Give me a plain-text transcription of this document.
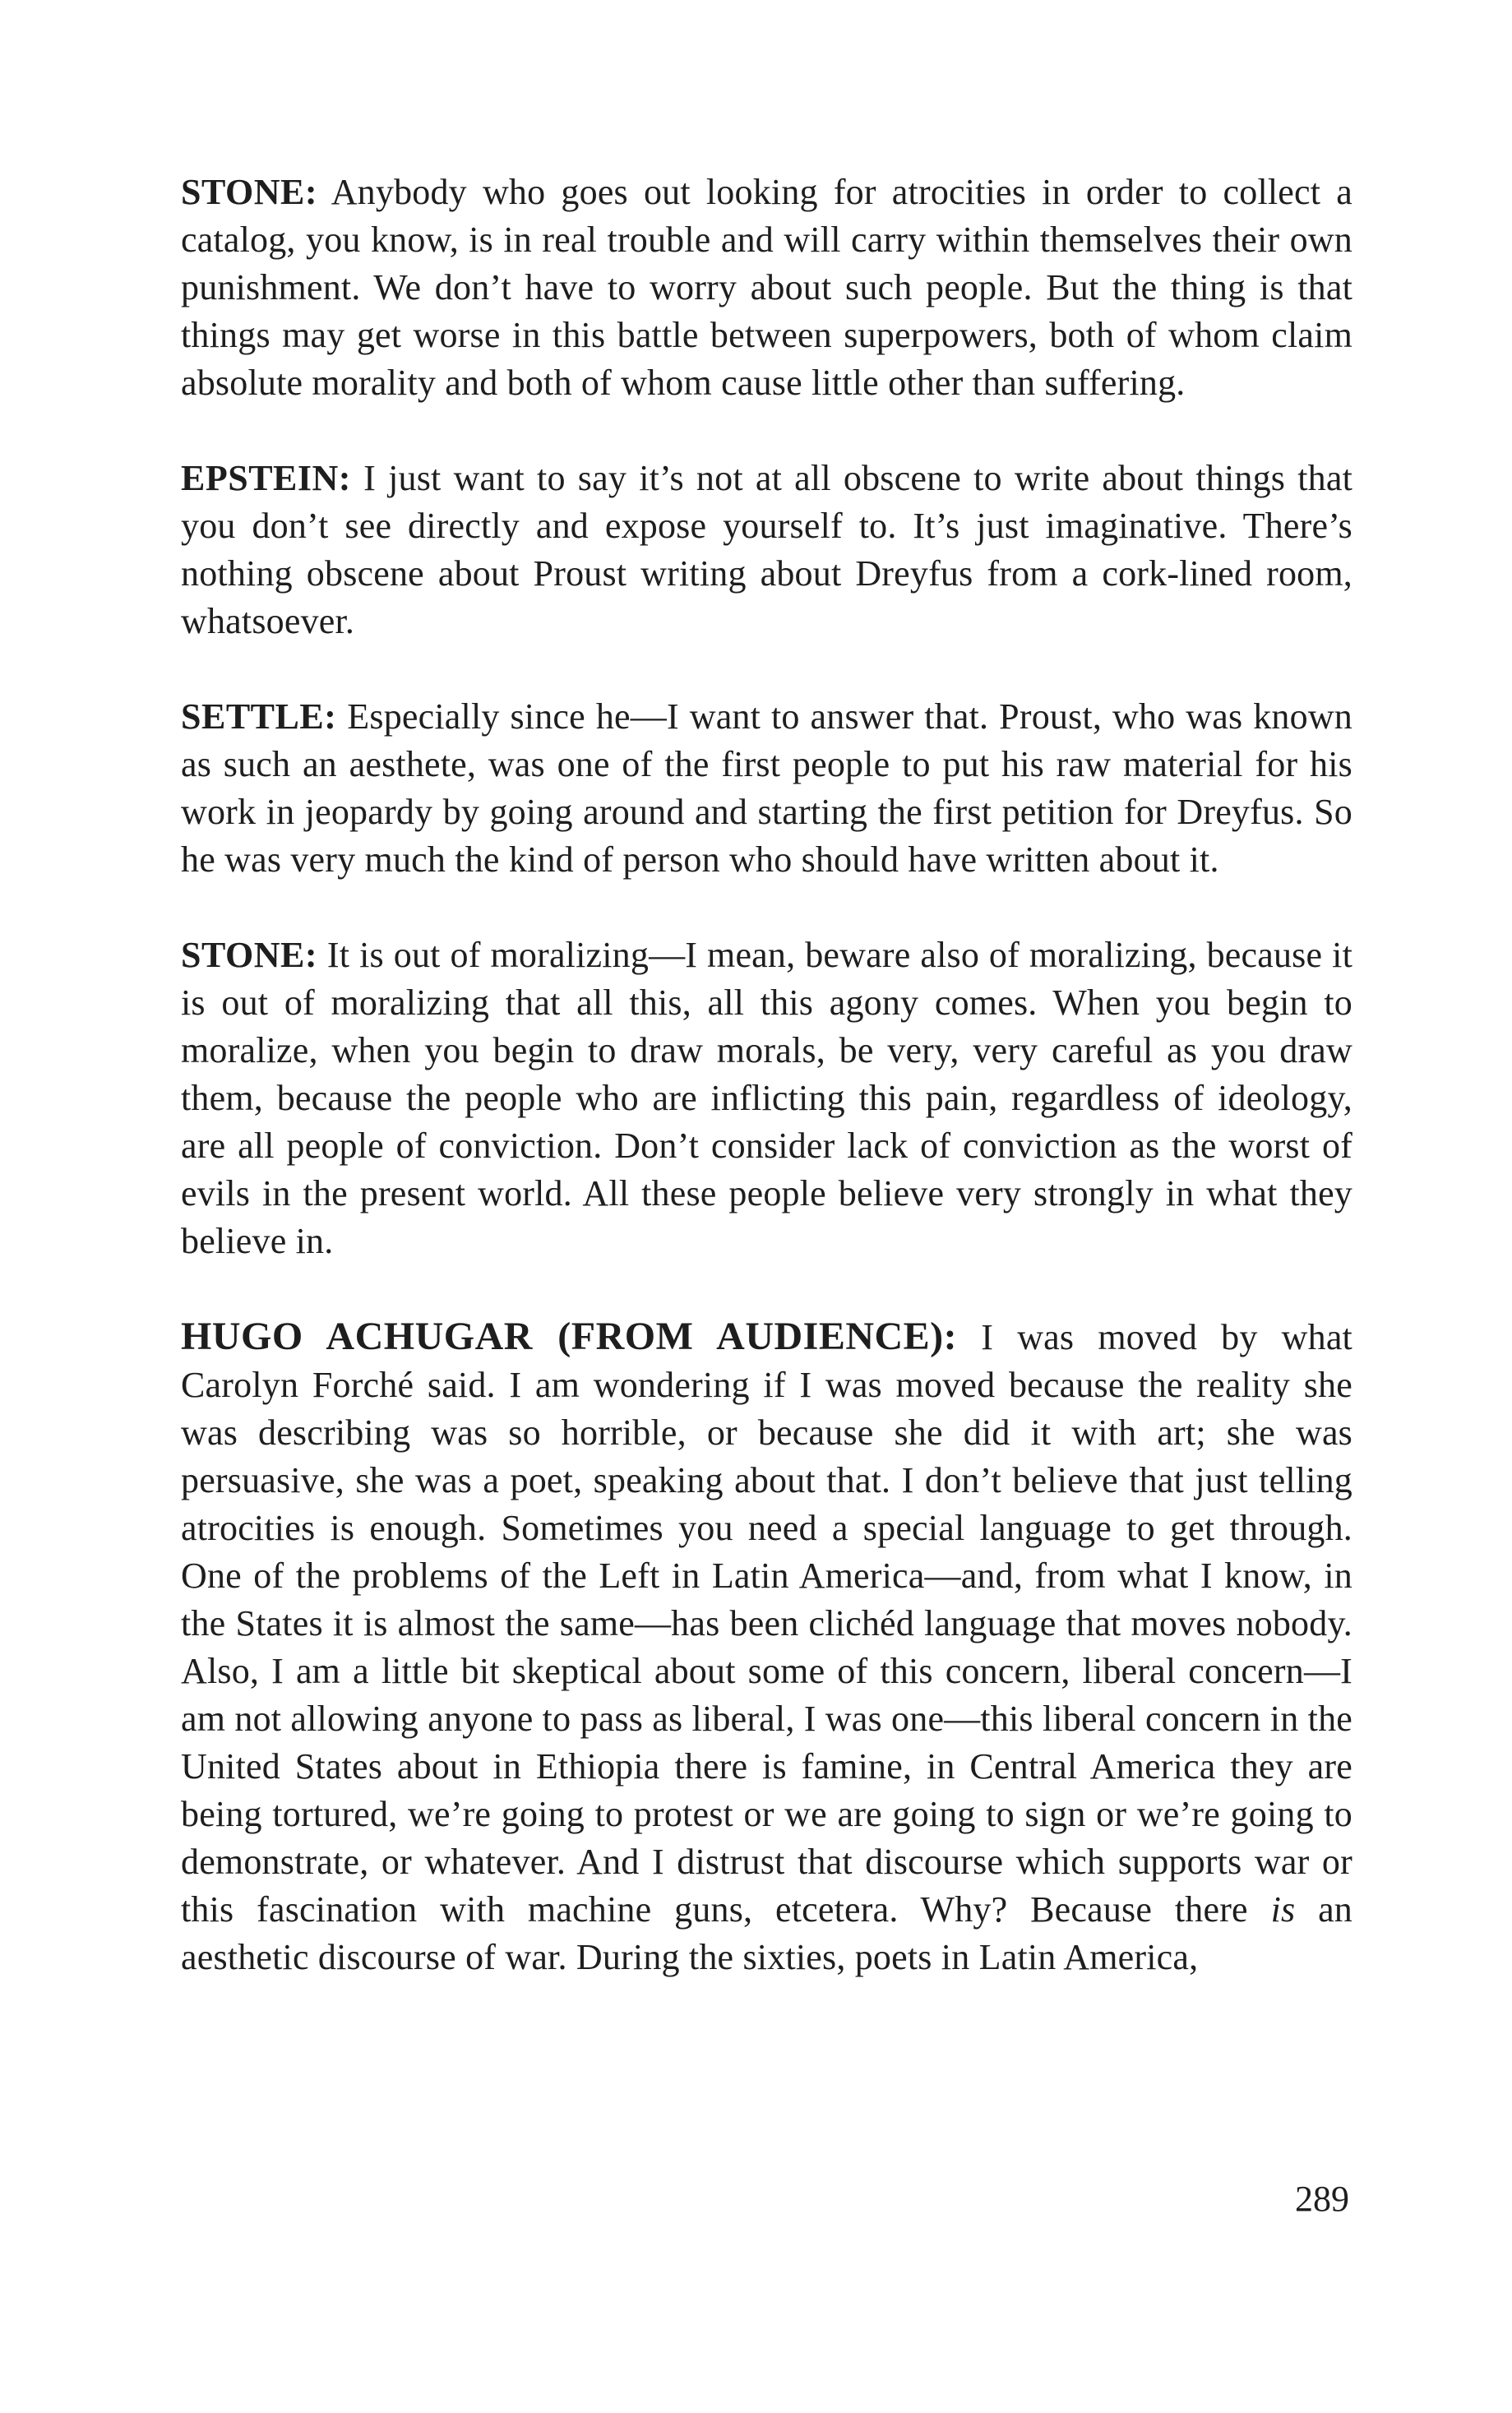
STONE: Anybody who goes out looking for atrocities in order to collect a catalog, you know, is in real trouble and will carry within themselves their own punishment. We don’t have to worry about such people. But the thing is that things may get worse in this battle between superpowers, both of whom claim absolute morality and both of whom cause little other than suffering.

EPSTEIN: I just want to say it’s not at all obscene to write about things that you don’t see directly and expose yourself to. It’s just imaginative. There’s nothing obscene about Proust writing about Dreyfus from a cork-lined room, whatsoever.

SETTLE: Especially since he—I want to answer that. Proust, who was known as such an aesthete, was one of the first people to put his raw material for his work in jeopardy by going around and starting the first petition for Dreyfus. So he was very much the kind of person who should have written about it.

STONE: It is out of moralizing—I mean, beware also of moralizing, because it is out of moralizing that all this, all this agony comes. When you begin to moralize, when you begin to draw morals, be very, very careful as you draw them, because the people who are inflicting this pain, regardless of ideology, are all people of conviction. Don’t consider lack of conviction as the worst of evils in the present world. All these people believe very strongly in what they believe in.

HUGO ACHUGAR (FROM AUDIENCE): I was moved by what Carolyn Forché said. I am wondering if I was moved because the reality she was describing was so horrible, or because she did it with art; she was persuasive, she was a poet, speaking about that. I don’t believe that just telling atrocities is enough. Sometimes you need a special language to get through. One of the problems of the Left in Latin America—and, from what I know, in the States it is almost the same—has been clichéd language that moves nobody. Also, I am a little bit skeptical about some of this concern, liberal concern—I am not allowing anyone to pass as liberal, I was one—this liberal concern in the United States about in Ethiopia there is famine, in Central America they are being tortured, we’re going to protest or we are going to sign or we’re going to demonstrate, or whatever. And I distrust that discourse which supports war or this fascination with machine guns, etcetera. Why? Because there is an aesthetic discourse of war. During the sixties, poets in Latin America,

289
